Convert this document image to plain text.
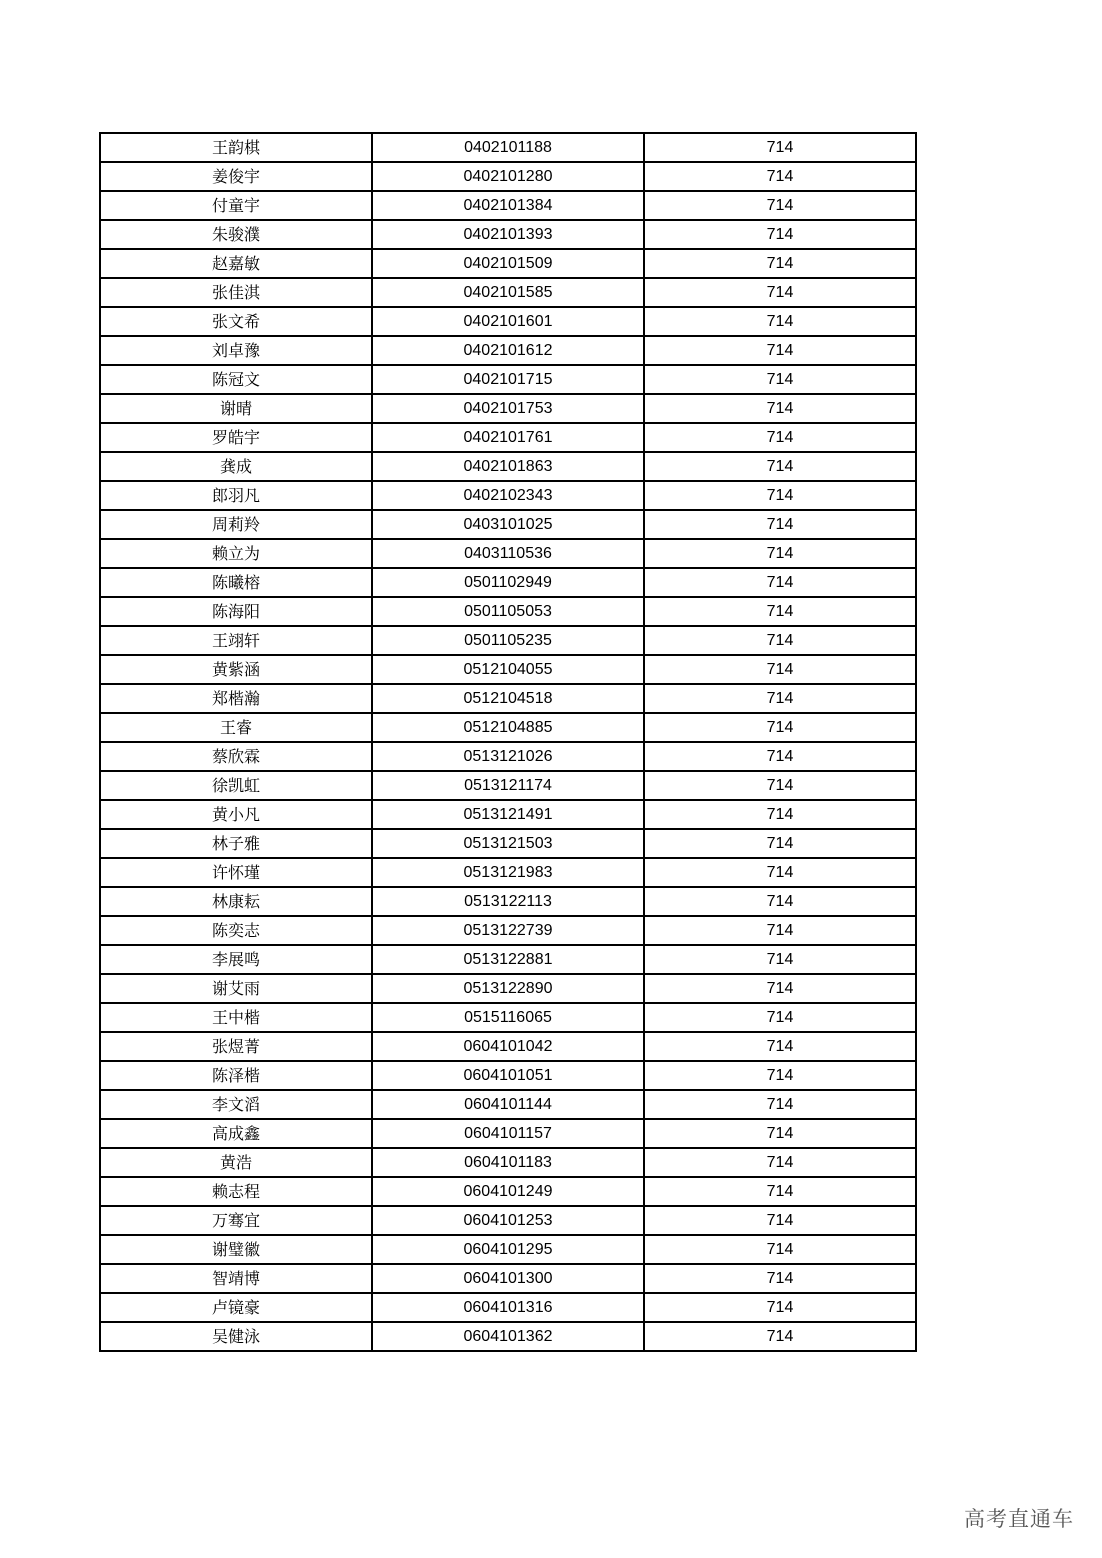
王韵棋	0402101188	714
姜俊宇	0402101280	714
付童宇	0402101384	714
朱骏濮	0402101393	714
赵嘉敏	0402101509	714
张佳淇	0402101585	714
张文希	0402101601	714
刘卓豫	0402101612	714
陈冠文	0402101715	714
谢晴	0402101753	714
罗皓宇	0402101761	714
龚成	0402101863	714
郎羽凡	0402102343	714
周莉羚	0403101025	714
赖立为	0403110536	714
陈曦榕	0501102949	714
陈海阳	0501105053	714
王翊轩	0501105235	714
黄紫涵	0512104055	714
郑楷瀚	0512104518	714
王睿	0512104885	714
蔡欣霖	0513121026	714
徐凯虹	0513121174	714
黄小凡	0513121491	714
林子雅	0513121503	714
许怀瑾	0513121983	714
林康耘	0513122113	714
陈奕志	0513122739	714
李展鸣	0513122881	714
谢艾雨	0513122890	714
王中楷	0515116065	714
张煜菁	0604101042	714
陈泽楷	0604101051	714
李文滔	0604101144	714
高成鑫	0604101157	714
黄浩	0604101183	714
赖志程	0604101249	714
万骞宜	0604101253	714
谢璧徽	0604101295	714
智靖博	0604101300	714
卢镜豪	0604101316	714
吴健泳	0604101362	714
高考直通车
